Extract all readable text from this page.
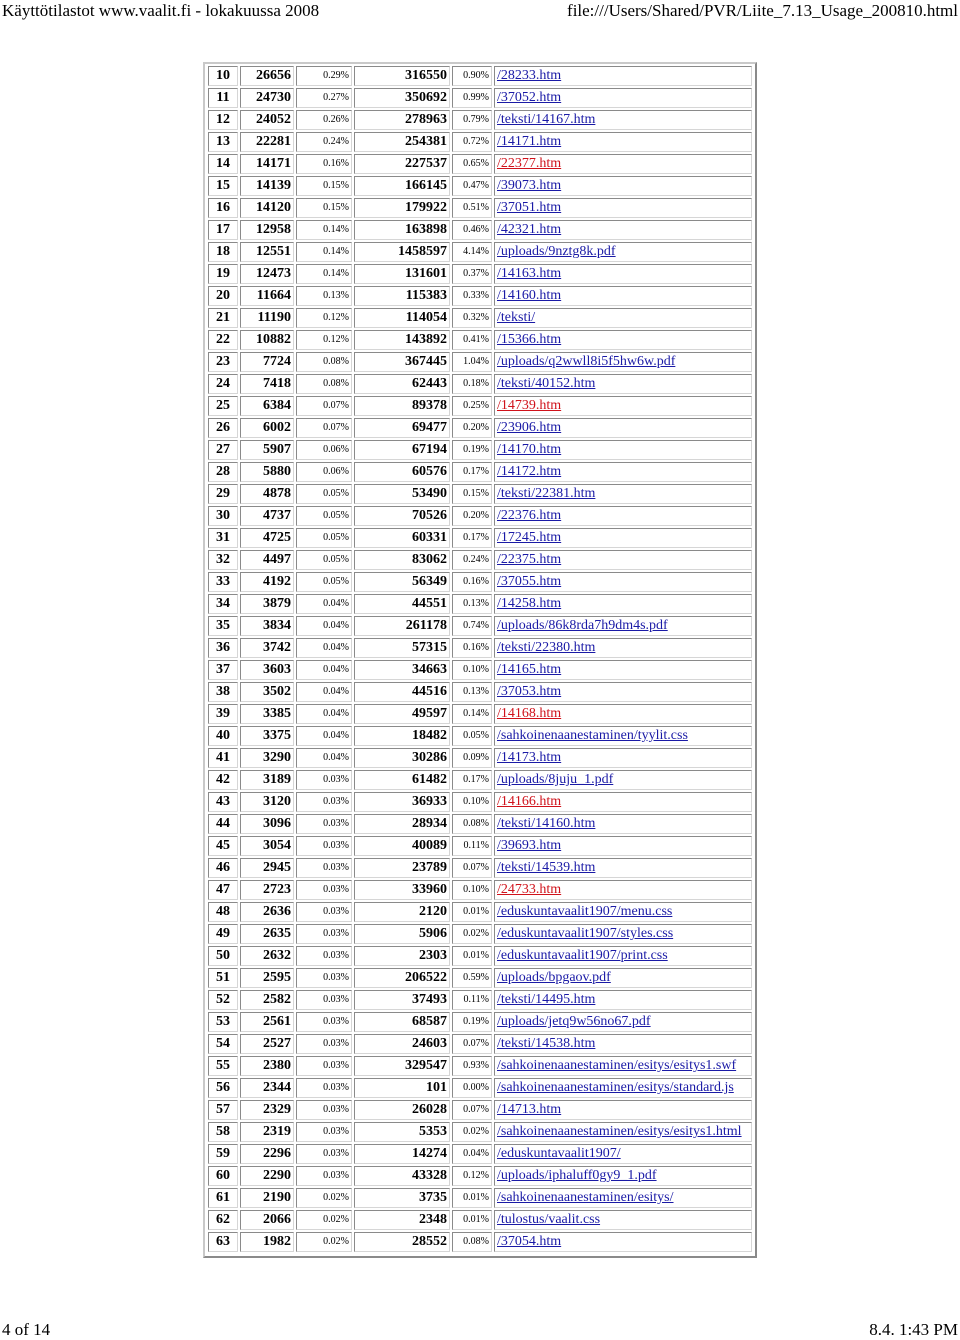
Käyttötilastot www.vaalit.fi - lokakuussa 2008	file:///Users/Shared/PVR/Liite_7.13_Usage_200810.html
10	26656	0.29%	316550	0.90%	/28233.htm
11	24730	0.27%	350692	0.99%	/37052.htm
12	24052	0.26%	278963	0.79%	/teksti/14167.htm
13	22281	0.24%	254381	0.72%	/14171.htm
14	14171	0.16%	227537	0.65%	/22377.htm
15	14139	0.15%	166145	0.47%	/39073.htm
16	14120	0.15%	179922	0.51%	/37051.htm
17	12958	0.14%	163898	0.46%	/42321.htm
18	12551	0.14%	1458597	4.14%	/uploads/9nztg8k.pdf
19	12473	0.14%	131601	0.37%	/14163.htm
20	11664	0.13%	115383	0.33%	/14160.htm
21	11190	0.12%	114054	0.32%	/teksti/
22	10882	0.12%	143892	0.41%	/15366.htm
23	7724	0.08%	367445	1.04%	/uploads/q2wwll8i5f5hw6w.pdf
24	7418	0.08%	62443	0.18%	/teksti/40152.htm
25	6384	0.07%	89378	0.25%	/14739.htm
26	6002	0.07%	69477	0.20%	/23906.htm
27	5907	0.06%	67194	0.19%	/14170.htm
28	5880	0.06%	60576	0.17%	/14172.htm
29	4878	0.05%	53490	0.15%	/teksti/22381.htm
30	4737	0.05%	70526	0.20%	/22376.htm
31	4725	0.05%	60331	0.17%	/17245.htm
32	4497	0.05%	83062	0.24%	/22375.htm
33	4192	0.05%	56349	0.16%	/37055.htm
34	3879	0.04%	44551	0.13%	/14258.htm
35	3834	0.04%	261178	0.74%	/uploads/86k8rda7h9dm4s.pdf
36	3742	0.04%	57315	0.16%	/teksti/22380.htm
37	3603	0.04%	34663	0.10%	/14165.htm
38	3502	0.04%	44516	0.13%	/37053.htm
39	3385	0.04%	49597	0.14%	/14168.htm
40	3375	0.04%	18482	0.05%	/sahkoinenaanestaminen/tyylit.css
41	3290	0.04%	30286	0.09%	/14173.htm
42	3189	0.03%	61482	0.17%	/uploads/8juju_1.pdf
43	3120	0.03%	36933	0.10%	/14166.htm
44	3096	0.03%	28934	0.08%	/teksti/14160.htm
45	3054	0.03%	40089	0.11%	/39693.htm
46	2945	0.03%	23789	0.07%	/teksti/14539.htm
47	2723	0.03%	33960	0.10%	/24733.htm
48	2636	0.03%	2120	0.01%	/eduskuntavaalit1907/menu.css
49	2635	0.03%	5906	0.02%	/eduskuntavaalit1907/styles.css
50	2632	0.03%	2303	0.01%	/eduskuntavaalit1907/print.css
51	2595	0.03%	206522	0.59%	/uploads/bpgaov.pdf
52	2582	0.03%	37493	0.11%	/teksti/14495.htm
53	2561	0.03%	68587	0.19%	/uploads/jetq9w56no67.pdf
54	2527	0.03%	24603	0.07%	/teksti/14538.htm
55	2380	0.03%	329547	0.93%	/sahkoinenaanestaminen/esitys/esitys1.swf
56	2344	0.03%	101	0.00%	/sahkoinenaanestaminen/esitys/standard.js
57	2329	0.03%	26028	0.07%	/14713.htm
58	2319	0.03%	5353	0.02%	/sahkoinenaanestaminen/esitys/esitys1.html
59	2296	0.03%	14274	0.04%	/eduskuntavaalit1907/
60	2290	0.03%	43328	0.12%	/uploads/iphaluff0gy9_1.pdf
61	2190	0.02%	3735	0.01%	/sahkoinenaanestaminen/esitys/
62	2066	0.02%	2348	0.01%	/tulostus/vaalit.css
63	1982	0.02%	28552	0.08%	/37054.htm
4 of 14	8.4. 1:43 PM
